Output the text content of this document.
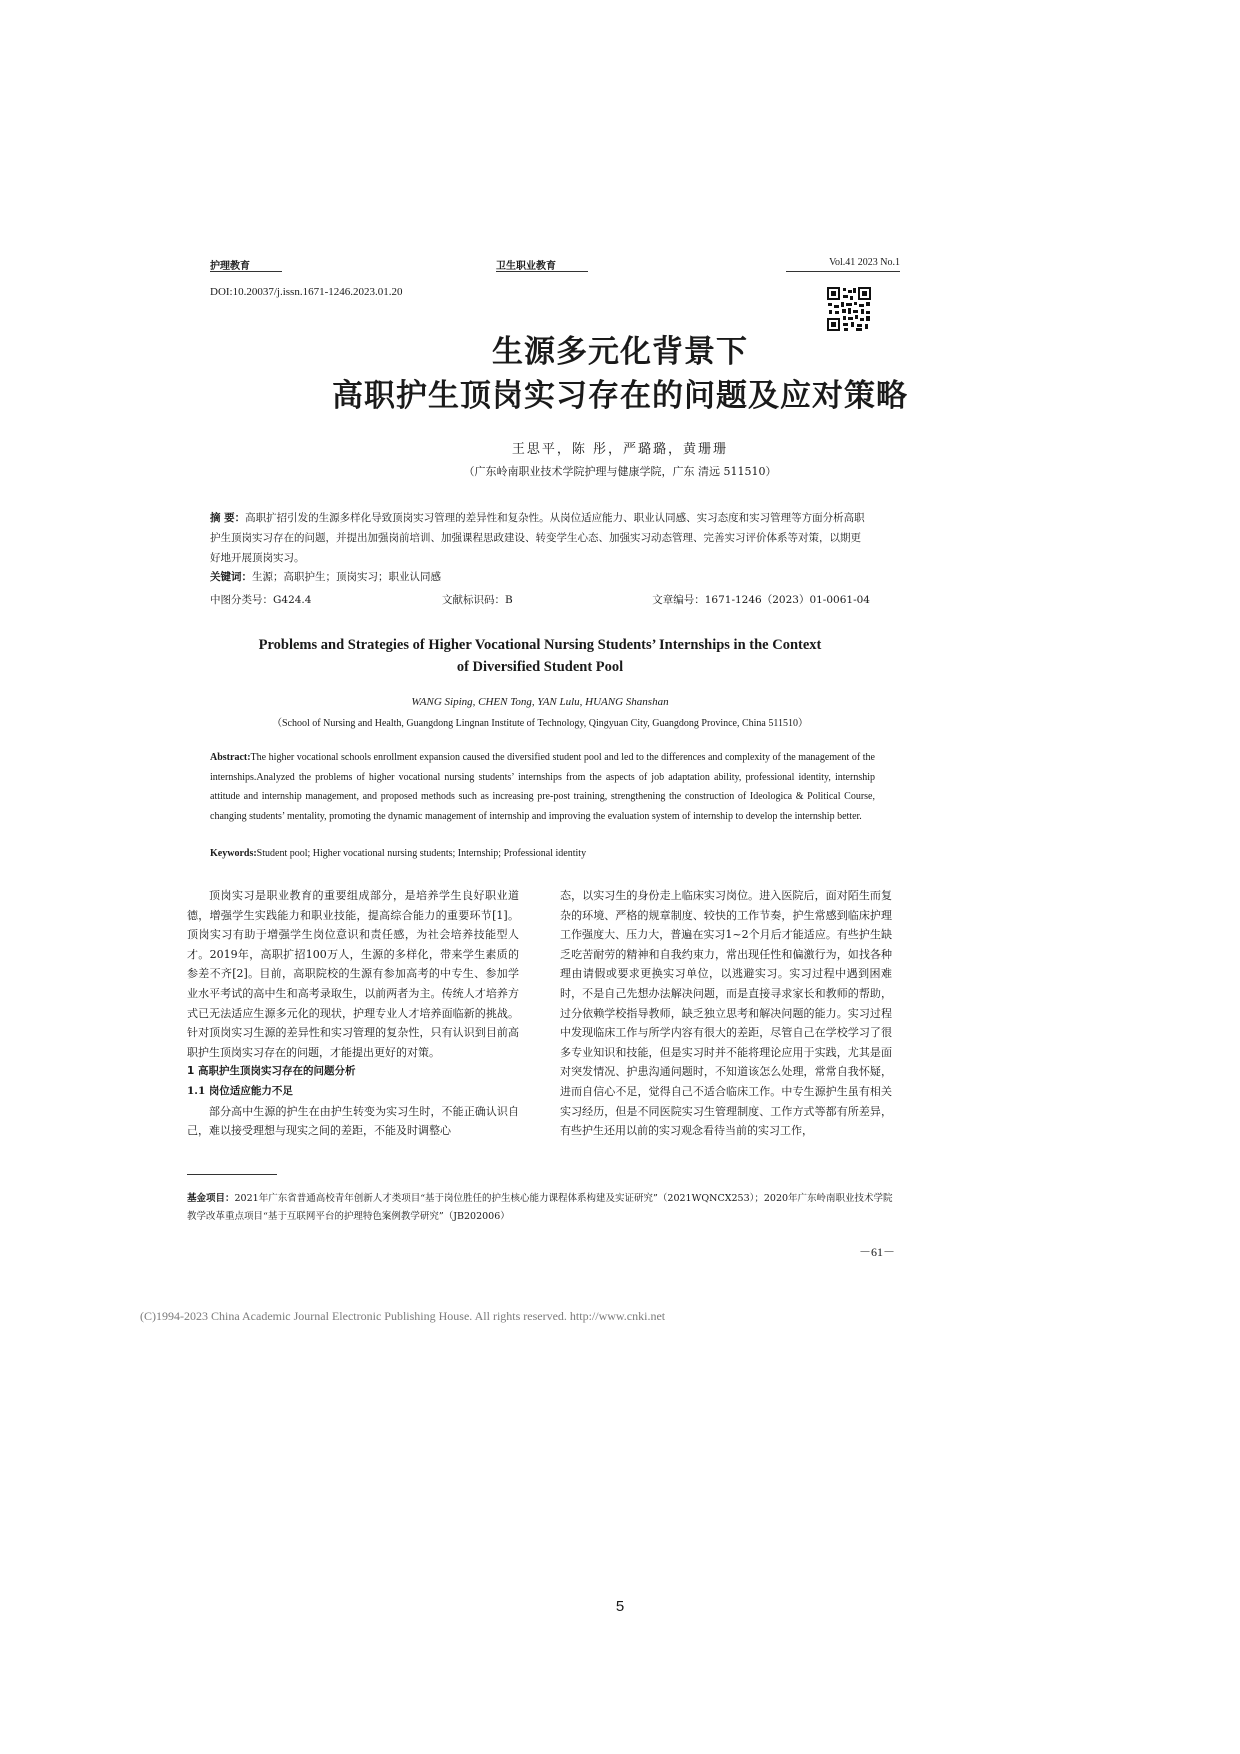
护理教育	卫生职业教育	Vol.41 2023 No.1
DOI:10.20037/j.issn.1671-1246.2023.01.20
生源多元化背景下
高职护生顶岗实习存在的问题及应对策略
王思平，陈 彤，严璐璐，黄珊珊
（广东岭南职业技术学院护理与健康学院，广东 清远 511510）
摘 要：高职扩招引发的生源多样化导致顶岗实习管理的差异性和复杂性。从岗位适应能力、职业认同感、实习态度和实习管理等方面分析高职护生顶岗实习存在的问题，并提出加强岗前培训、加强课程思政建设、转变学生心态、加强实习动态管理、完善实习评价体系等对策，以期更好地开展顶岗实习。
关键词：生源；高职护生；顶岗实习；职业认同感
中图分类号：G424.4	文献标识码：B	文章编号：1671-1246（2023）01-0061-04
Problems and Strategies of Higher Vocational Nursing Students’ Internships in the Context
of Diversified Student Pool
WANG Siping, CHEN Tong, YAN Lulu, HUANG Shanshan
（School of Nursing and Health, Guangdong Lingnan Institute of Technology, Qingyuan City, Guangdong Province, China 511510）
Abstract:The higher vocational schools enrollment expansion caused the diversified student pool and led to the differences and complexity of the management of the internships.Analyzed the problems of higher vocational nursing students’ internships from the aspects of job adaptation ability, professional identity, internship attitude and internship management, and proposed methods such as increasing pre-post training, strengthening the construction of Ideologica & Political Course, changing students’ mentality, promoting the dynamic management of internship and improving the evaluation system of internship to develop the internship better.
Keywords:Student pool; Higher vocational nursing students; Internship; Professional identity

顶岗实习是职业教育的重要组成部分，是培养学生良好职业道德，增强学生实践能力和职业技能，提高综合能力的重要环节[1]。顶岗实习有助于增强学生岗位意识和责任感，为社会培养技能型人才。2019年，高职扩招100万人，生源的多样化，带来学生素质的参差不齐[2]。目前，高职院校的生源有参加高考的中专生、参加学业水平考试的高中生和高考录取生，以前两者为主。传统人才培养方式已无法适应生源多元化的现状，护理专业人才培养面临新的挑战。针对顶岗实习生源的差异性和实习管理的复杂性，只有认识到目前高职护生顶岗实习存在的问题，才能提出更好的对策。

1 高职护生顶岗实习存在的问题分析

1.1 岗位适应能力不足

部分高中生源的护生在由护生转变为实习生时，不能正确认识自己，难以接受理想与现实之间的差距，不能及时调整心

态，以实习生的身份走上临床实习岗位。进入医院后，面对陌生而复杂的环境、严格的规章制度、较快的工作节奏，护生常感到临床护理工作强度大、压力大，普遍在实习1~2个月后才能适应。有些护生缺乏吃苦耐劳的精神和自我约束力，常出现任性和偏激行为，如找各种理由请假或要求更换实习单位，以逃避实习。实习过程中遇到困难时，不是自己先想办法解决问题，而是直接寻求家长和教师的帮助，过分依赖学校指导教师，缺乏独立思考和解决问题的能力。实习过程中发现临床工作与所学内容有很大的差距，尽管自己在学校学习了很多专业知识和技能，但是实习时并不能将理论应用于实践，尤其是面对突发情况、护患沟通问题时，不知道该怎么处理，常常自我怀疑，进而自信心不足，觉得自己不适合临床工作。中专生源护生虽有相关实习经历，但是不同医院实习生管理制度、工作方式等都有所差异，有些护生还用以前的实习观念看待当前的实习工作，

基金项目：2021年广东省普通高校青年创新人才类项目“基于岗位胜任的护生核心能力课程体系构建及实证研究”（2021WQNCX253）；2020年广东岭南职业技术学院教学改革重点项目“基于互联网平台的护理特色案例教学研究”（JB202006）
－61－
(C)1994-2023 China Academic Journal Electronic Publishing House. All rights reserved. http://www.cnki.net
5
